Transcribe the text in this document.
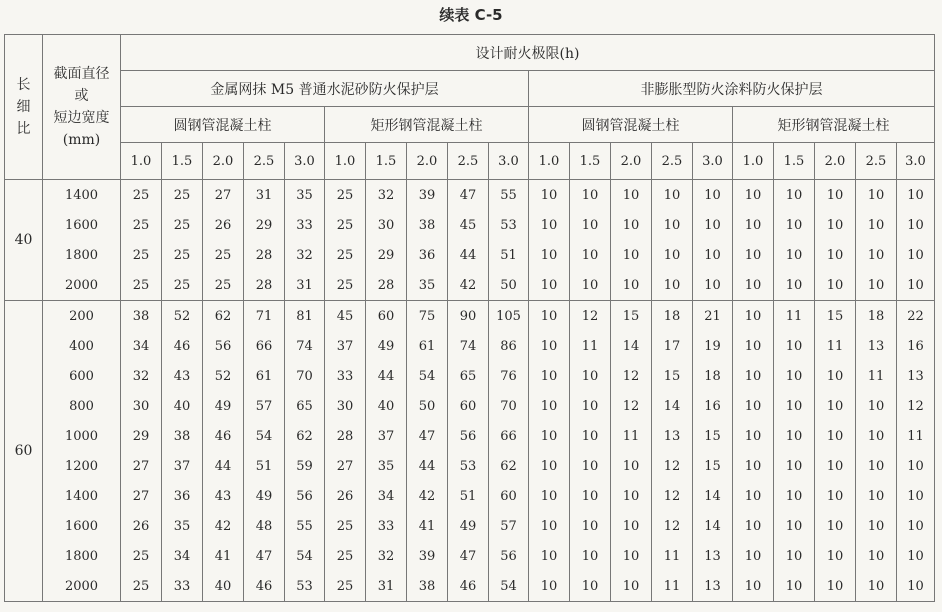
续表 C-5
长细比	截面直径
或
短边宽度
(mm)	设计耐火极限(h)																			
		金属网抹 M5 普通水泥砂防火保护层										非膨胀型防火涂料防火保护层									
		圆钢管混凝土柱					矩形钢管混凝土柱					圆钢管混凝土柱					矩形钢管混凝土柱				
		1.0	1.5	2.0	2.5	3.0	1.0	1.5	2.0	2.5	3.0	1.0	1.5	2.0	2.5	3.0	1.0	1.5	2.0	2.5	3.0
40	1400	25	25	27	31	35	25	32	39	47	55	10	10	10	10	10	10	10	10	10	10
	1600	25	25	26	29	33	25	30	38	45	53	10	10	10	10	10	10	10	10	10	10
	1800	25	25	25	28	32	25	29	36	44	51	10	10	10	10	10	10	10	10	10	10
	2000	25	25	25	28	31	25	28	35	42	50	10	10	10	10	10	10	10	10	10	10
60	200	38	52	62	71	81	45	60	75	90	105	10	12	15	18	21	10	11	15	18	22
	400	34	46	56	66	74	37	49	61	74	86	10	11	14	17	19	10	10	11	13	16
	600	32	43	52	61	70	33	44	54	65	76	10	10	12	15	18	10	10	10	11	13
	800	30	40	49	57	65	30	40	50	60	70	10	10	12	14	16	10	10	10	10	12
	1000	29	38	46	54	62	28	37	47	56	66	10	10	11	13	15	10	10	10	10	11
	1200	27	37	44	51	59	27	35	44	53	62	10	10	10	12	15	10	10	10	10	10
	1400	27	36	43	49	56	26	34	42	51	60	10	10	10	12	14	10	10	10	10	10
	1600	26	35	42	48	55	25	33	41	49	57	10	10	10	12	14	10	10	10	10	10
	1800	25	34	41	47	54	25	32	39	47	56	10	10	10	11	13	10	10	10	10	10
	2000	25	33	40	46	53	25	31	38	46	54	10	10	10	11	13	10	10	10	10	10
